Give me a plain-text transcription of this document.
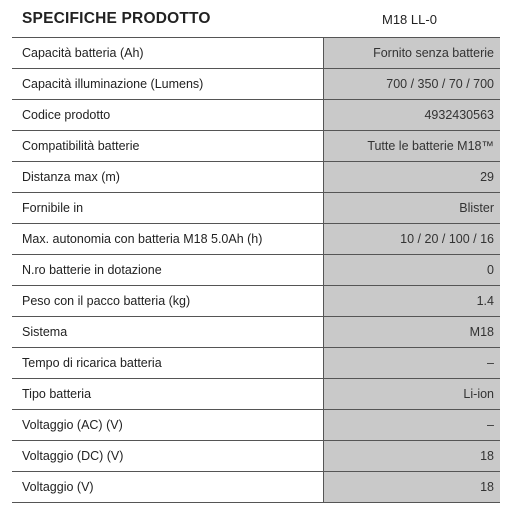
SPECIFICHE PRODOTTO	M18 LL-0
Capacità batteria (Ah)	Fornito senza batterie
Capacità illuminazione (Lumens)	700 / 350 / 70 / 700
Codice prodotto	4932430563
Compatibilità batterie	Tutte le batterie M18™
Distanza max (m)	29
Fornibile in	Blister
Max. autonomia con batteria M18 5.0Ah (h)	10 / 20 / 100 / 16
N.ro batterie in dotazione	0
Peso con il pacco batteria (kg)	1.4
Sistema	M18
Tempo di ricarica batteria	–
Tipo batteria	Li-ion
Voltaggio (AC) (V)	–
Voltaggio (DC) (V)	18
Voltaggio (V)	18
